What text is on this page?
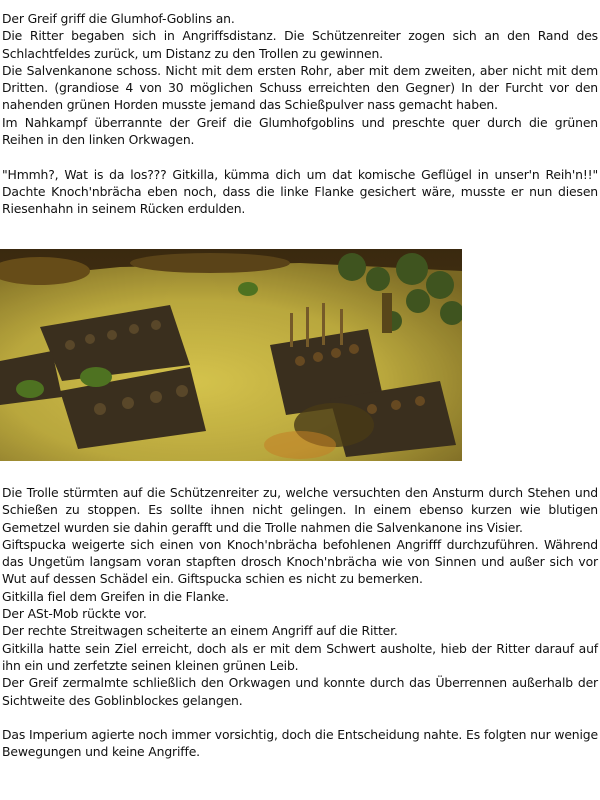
Der Greif griff die Glumhof-Goblins an.

Die Ritter begaben sich in Angriffsdistanz. Die Schützenreiter zogen sich an den Rand des Schlachtfeldes zurück, um Distanz zu den Trollen zu gewinnen.

Die Salvenkanone schoss. Nicht mit dem ersten Rohr, aber mit dem zweiten, aber nicht mit dem Dritten. (grandiose 4 von 30 möglichen Schuss erreichten den Gegner) In der Furcht vor den nahenden grünen Horden musste jemand das Schießpulver nass gemacht haben.

Im Nahkampf überrannte der Greif die Glumhofgoblins und preschte quer durch die grünen Reihen in den linken Orkwagen.

"Hmmh?, Wat is da los??? Gitkilla, kümma dich um dat komische Geflügel in unser'n Reih'n!!" Dachte Knoch'nbrächa eben noch, dass die linke Flanke gesichert wäre, musste er nun diesen Riesenhahn in seinem Rücken erdulden.

Die Trolle stürmten auf die Schützenreiter zu, welche versuchten den Ansturm durch Stehen und Schießen zu stoppen. Es sollte ihnen nicht gelingen. In einem ebenso kurzen wie blutigen Gemetzel wurden sie dahin gerafft und die Trolle nahmen die Salvenkanone ins Visier.

Giftspucka weigerte sich einen von Knoch'nbrächa befohlenen Angrifff durchzuführen. Während das Ungetüm langsam voran stapften drosch Knoch'nbrächa wie von Sinnen und außer sich vor Wut auf dessen Schädel ein. Giftspucka schien es nicht zu bemerken.

Gitkilla fiel dem Greifen in die Flanke.

Der ASt-Mob rückte vor.

Der rechte Streitwagen scheiterte an einem Angriff auf die Ritter.

Gitkilla hatte sein Ziel erreicht, doch als er mit dem Schwert ausholte, hieb der Ritter darauf auf ihn ein und zerfetzte seinen kleinen grünen Leib.

Der Greif zermalmte schließlich den Orkwagen und konnte durch das Überrennen außerhalb der Sichtweite des Goblinblockes gelangen.

Das Imperium agierte noch immer vorsichtig, doch die Entscheidung nahte. Es folgten nur wenige Bewegungen und keine Angriffe.
